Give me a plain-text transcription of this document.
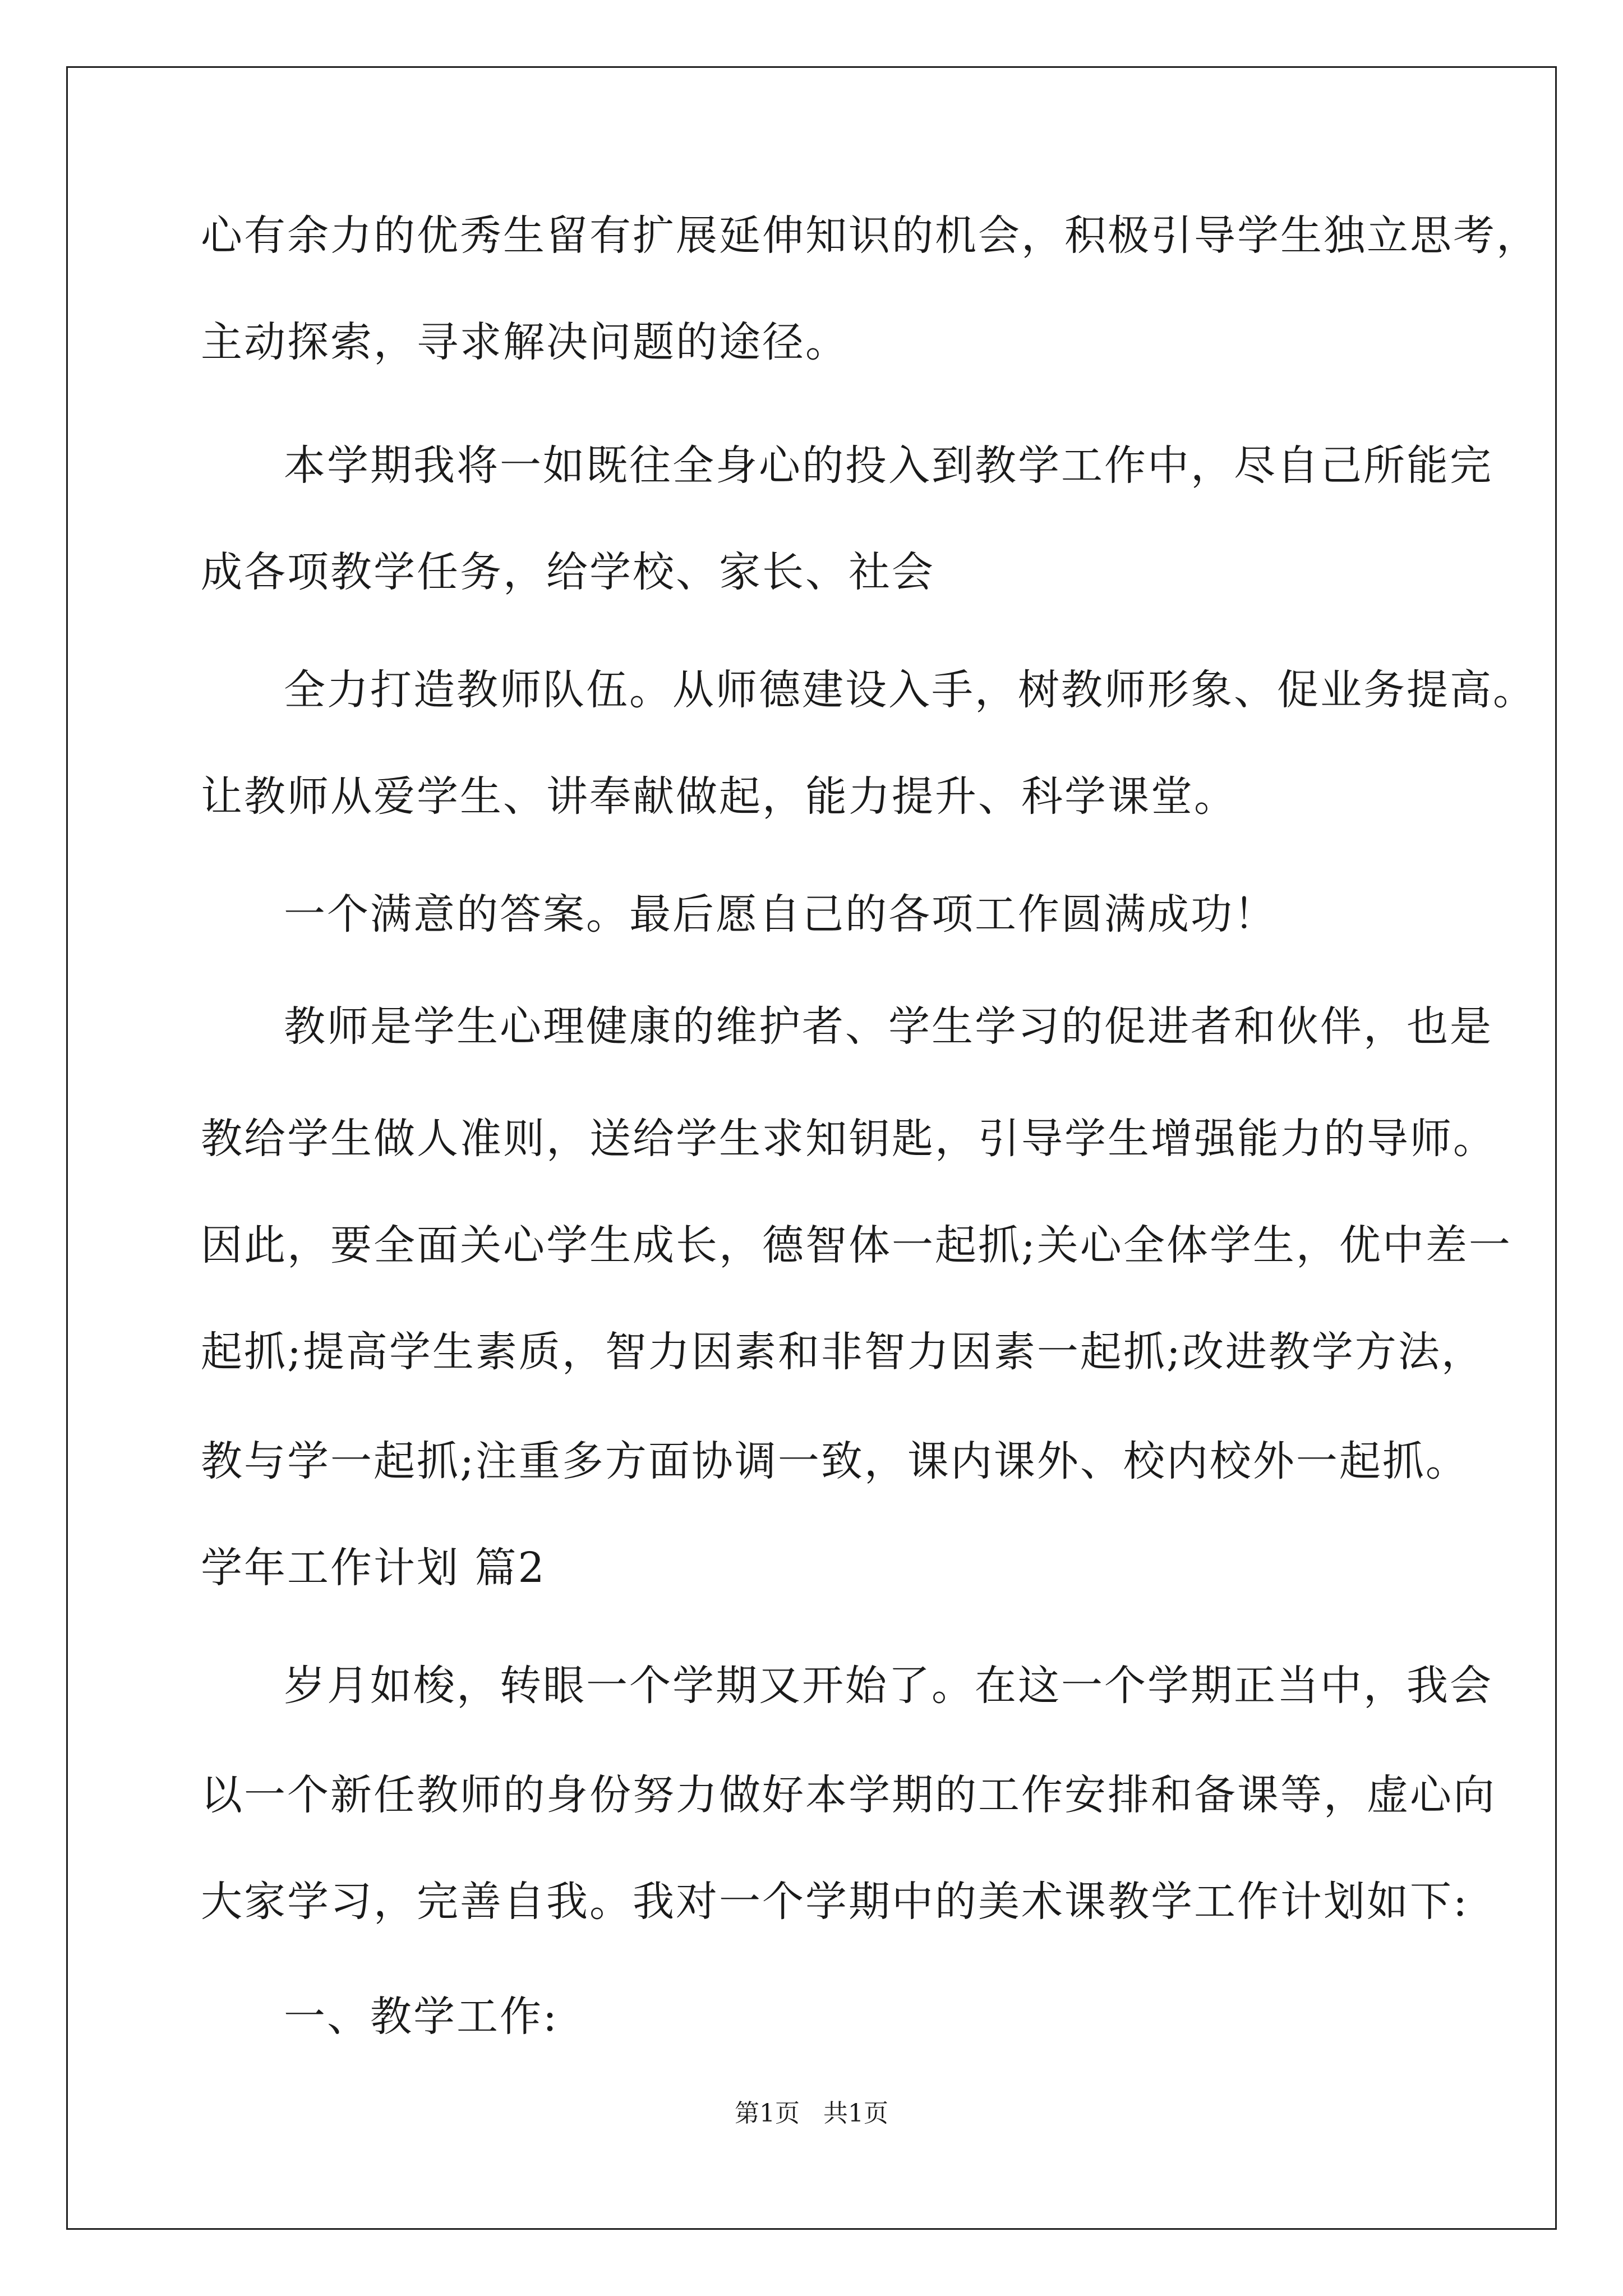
心有余力的优秀生留有扩展延伸知识的机会，积极引导学生独立思考，
主动探索，寻求解决问题的途径。
本学期我将一如既往全身心的投入到教学工作中，尽自己所能完
成各项教学任务，给学校、家长、社会
全力打造教师队伍。从师德建设入手，树教师形象、促业务提高。
让教师从爱学生、讲奉献做起，能力提升、科学课堂。
一个满意的答案。最后愿自己的各项工作圆满成功！
教师是学生心理健康的维护者、学生学习的促进者和伙伴，也是
教给学生做人准则，送给学生求知钥匙，引导学生增强能力的导师。
因此，要全面关心学生成长，德智体一起抓;关心全体学生，优中差一
起抓;提高学生素质，智力因素和非智力因素一起抓;改进教学方法，
教与学一起抓;注重多方面协调一致，课内课外、校内校外一起抓。
学年工作计划 篇2
岁月如梭，转眼一个学期又开始了。在这一个学期正当中，我会
以一个新任教师的身份努力做好本学期的工作安排和备课等，虚心向
大家学习，完善自我。我对一个学期中的美术课教学工作计划如下:
一、教学工作:
第1页 共1页
